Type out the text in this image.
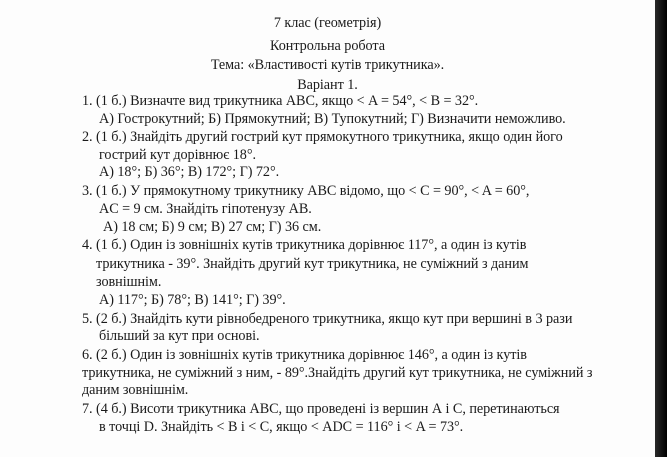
7 клас (геометрія)
Контрольна робота
Тема: «Властивості кутів трикутника».
Варіант 1.
1. (1 б.) Визначте вид трикутника АВС, якщо < A = 54°, < B = 32°.
А) Гострокутний; Б) Прямокутний; В) Тупокутний; Г) Визначити неможливо.
2. (1 б.) Знайдіть другий гострий кут прямокутного трикутника, якщо один його
гострий кут дорівнює 18°.
А) 18°; Б) 36°; В) 172°; Г) 72°.
3. (1 б.) У прямокутному трикутнику АВС відомо, що < C = 90°, < A = 60°,
AC = 9 см. Знайдіть гіпотенузу АВ.
А) 18 см; Б) 9 см; В) 27 см; Г) 36 см.
4. (1 б.) Один із зовнішніх кутів трикутника дорівнює 117°, а один із кутів
трикутника - 39°. Знайдіть другий кут трикутника, не суміжний з даним
зовнішнім.
А) 117°; Б) 78°; В) 141°; Г) 39°.
5. (2 б.) Знайдіть кути рівнобедреного трикутника, якщо кут при вершині в 3 рази
більший за кут при основі.
6. (2 б.) Один із зовнішніх кутів трикутника дорівнює 146°, а один із кутів
трикутника, не суміжний з ним, - 89°.Знайдіть другий кут трикутника, не суміжний з
даним зовнішнім.
7. (4 б.) Висоти трикутника АВС, що проведені із вершин А і С, перетинаються
в точці D. Знайдіть < B і < C, якщо < ADC = 116° і < A = 73°.
